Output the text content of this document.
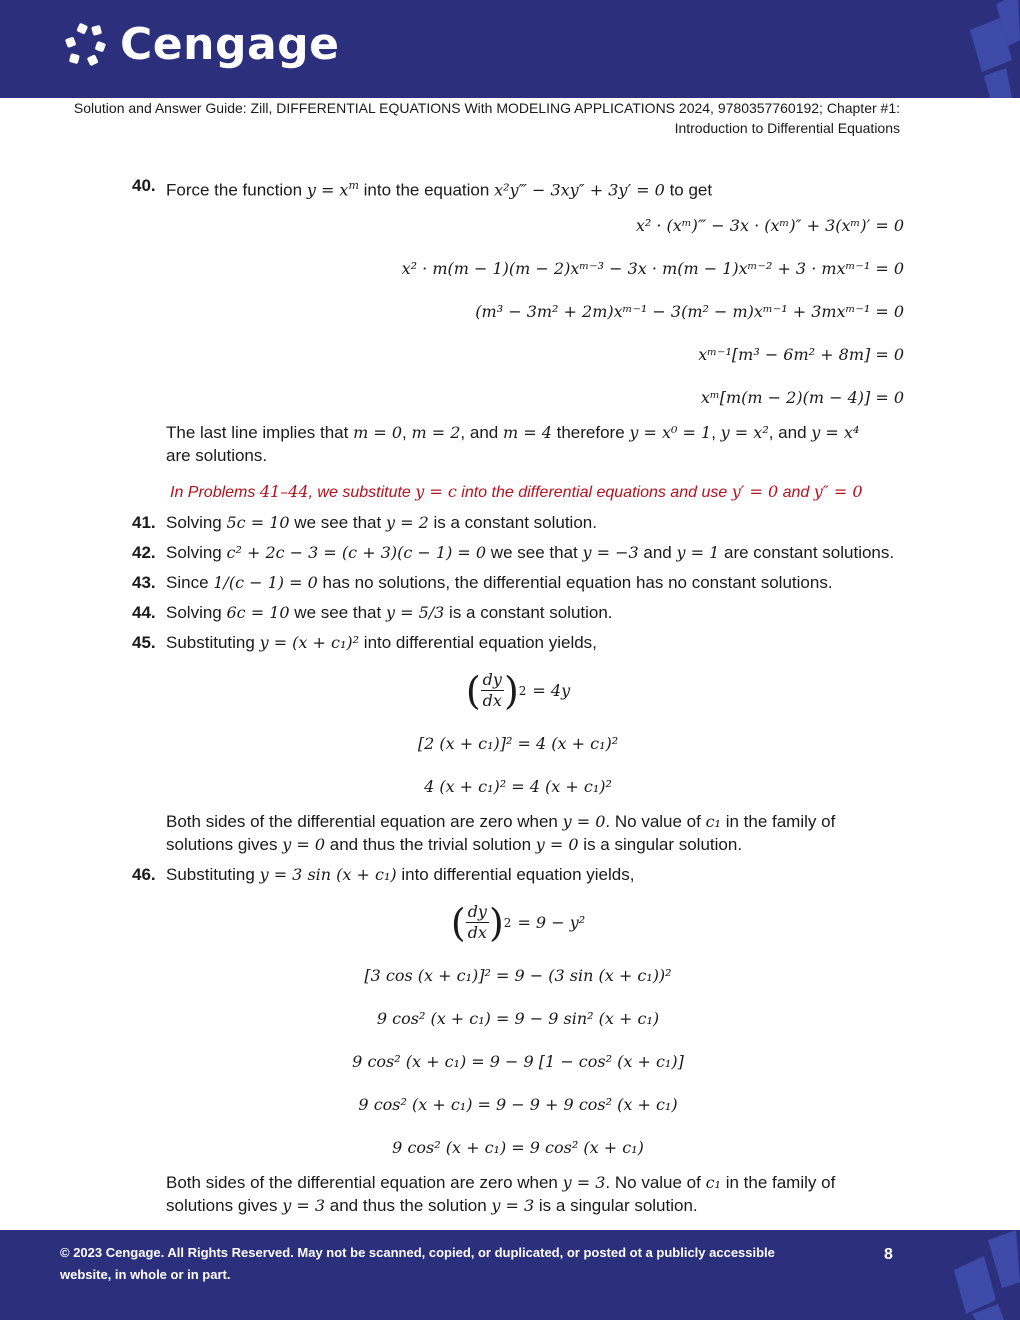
Cengage
Solution and Answer Guide: Zill, DIFFERENTIAL EQUATIONS With MODELING APPLICATIONS 2024, 9780357760192; Chapter #1:
Introduction to Differential Equations
40. Force the function $y = x^m$ into the equation x²y‴ − 3xy″ + 3y′ = 0 to get
x² · (xᵐ)‴ − 3x · (xᵐ)″ + 3(xᵐ)′ = 0
x² · m(m − 1)(m − 2)xᵐ⁻³ − 3x · m(m − 1)xᵐ⁻² + 3 · mxᵐ⁻¹ = 0
(m³ − 3m² + 2m)xᵐ⁻¹ − 3(m² − m)xᵐ⁻¹ + 3mxᵐ⁻¹ = 0
xᵐ⁻¹[m³ − 6m² + 8m] = 0
xᵐ[m(m − 2)(m − 4)] = 0
The last line implies that m = 0, m = 2, and m = 4 therefore y = x⁰ = 1, y = x², and y = x⁴
are solutions.
In Problems 41–44, we substitute y = c into the differential equations and use y′ = 0 and y″ = 0
41. Solving 5c = 10 we see that y = 2 is a constant solution.
42. Solving c² + 2c − 3 = (c + 3)(c − 1) = 0 we see that y = −3 and y = 1 are constant solutions.
43. Since 1/(c − 1) = 0 has no solutions, the differential equation has no constant solutions.
44. Solving 6c = 10 we see that y = 5/3 is a constant solution.
45. Substituting y = (x + c₁)² into differential equation yields,
( $\frac{dy}{dx}$ ) 2 = 4y
[2 (x + c₁)]² = 4 (x + c₁)²
4 (x + c₁)² = 4 (x + c₁)²
Both sides of the differential equation are zero when y = 0. No value of c₁ in the family of solutions gives y = 0 and thus the trivial solution y = 0 is a singular solution.
46. Substituting y = 3 sin (x + c₁) into differential equation yields,
( $\frac{dy}{dx}$ ) 2 = 9 − y²
[3 cos (x + c₁)]² = 9 − (3 sin (x + c₁))²
9 cos² (x + c₁) = 9 − 9 sin² (x + c₁)
9 cos² (x + c₁) = 9 − 9 [1 − cos² (x + c₁)]
9 cos² (x + c₁) = 9 − 9 + 9 cos² (x + c₁)
9 cos² (x + c₁) = 9 cos² (x + c₁)
Both sides of the differential equation are zero when y = 3. No value of c₁ in the family of solutions gives y = 3 and thus the solution y = 3 is a singular solution.
© 2023 Cengage. All Rights Reserved. May not be scanned, copied, or duplicated, or posted ot a publicly accessible website, in whole or in part.
8
